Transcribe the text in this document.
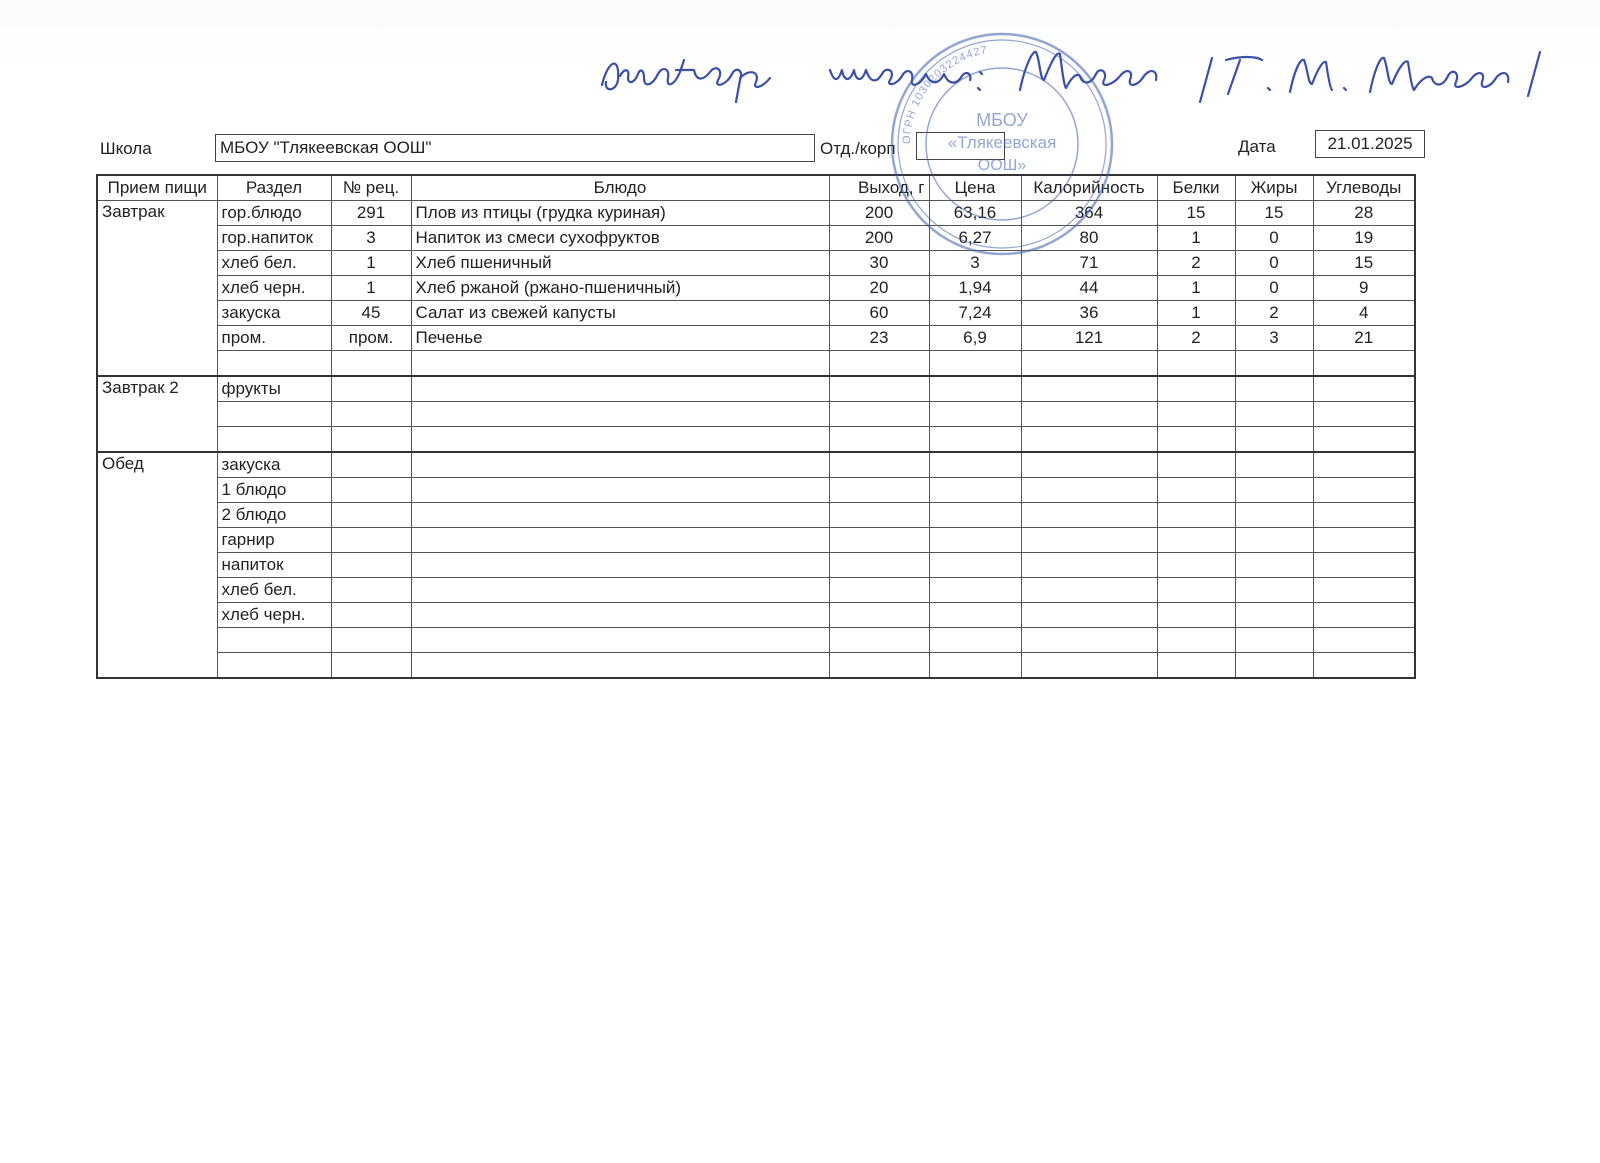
ОГРН 1030203224427
МБОУ
«Тлякеевская
ООШ»
Школа	МБОУ "Тлякеевская ООШ"	Отд./корп	Дата	21.01.2025
Прием пищи	Раздел	№ рец.	Блюдо	Выход, г	Цена	Калорийность	Белки	Жиры	Углеводы
Завтрак	гор.блюдо	291	Плов из птицы (грудка куриная)	200	63,16	364	15	15	28
	гор.напиток	3	Напиток из смеси сухофруктов	200	6,27	80	1	0	19
	хлеб бел.	1	Хлеб пшеничный	30	3	71	2	0	15
	хлеб черн.	1	Хлеб ржаной (ржано-пшеничный)	20	1,94	44	1	0	9
	закуска	45	Салат из свежей капусты	60	7,24	36	1	2	4
	пром.	пром.	Печенье	23	6,9	121	2	3	21

Завтрак 2	фрукты								

Обед	закуска								
	1 блюдо								
	2 блюдо								
	гарнир								
	напиток								
	хлеб бел.								
	хлеб черн.								
